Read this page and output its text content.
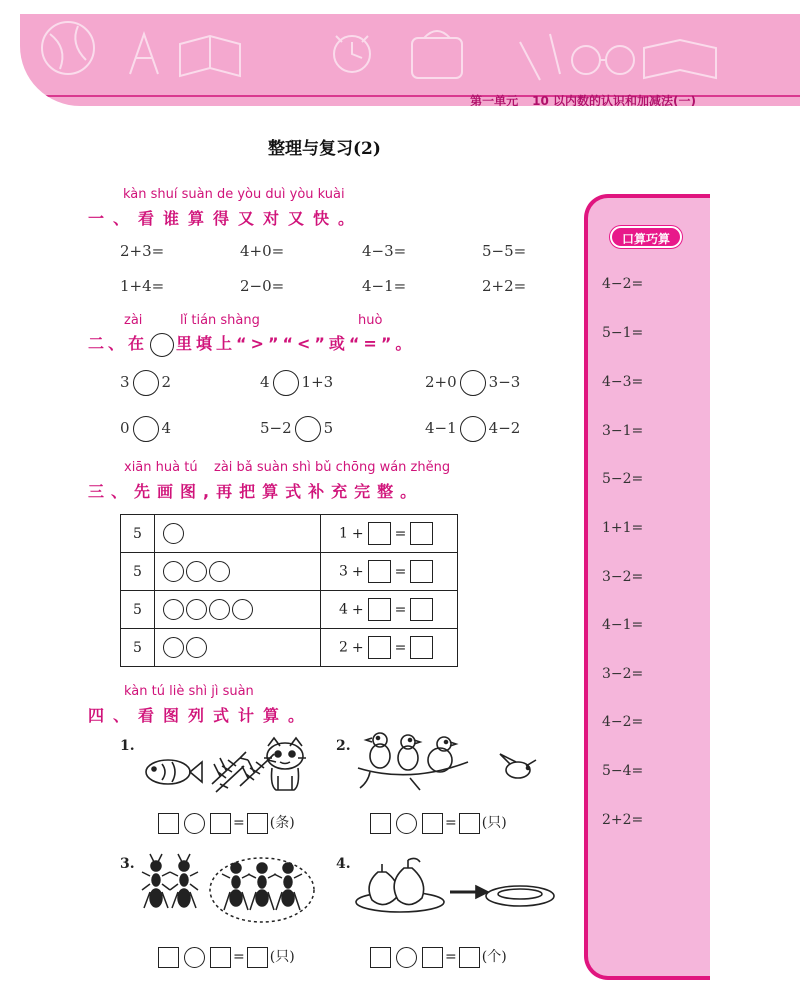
第一单元 10 以内数的认识和加减法(一)
整理与复习(2)
kàn shuí suàn de yòu duì yòu kuài
一、看谁算得又对又快。
2+3=	4+0=	4−3=	5−5=
1+4=	2−0=	4−1=	2+2=
zài	lǐ tián shàng	huò
二、在 里填上“>”“<”或“=”。
3 2	4 1+3	2+0 3−3
0 4	5−2 5	4−1 4−2
xiān huà tú zài bǎ suàn shì bǔ chōng wán zhěng
三、先画图,再把算式补充完整。
5		1 + =
5		3 + =
5		4 + =
5		2 + =
kàn tú liè shì jì suàn
四、看图列式计算。
1.
= (条)
2.
= (只)
3.
= (只)
4.
= (个)
口算巧算
4−2=
5−1=
4−3=
3−1=
5−2=
1+1=
3−2=
4−1=
3−2=
4−2=
5−4=
2+2=
